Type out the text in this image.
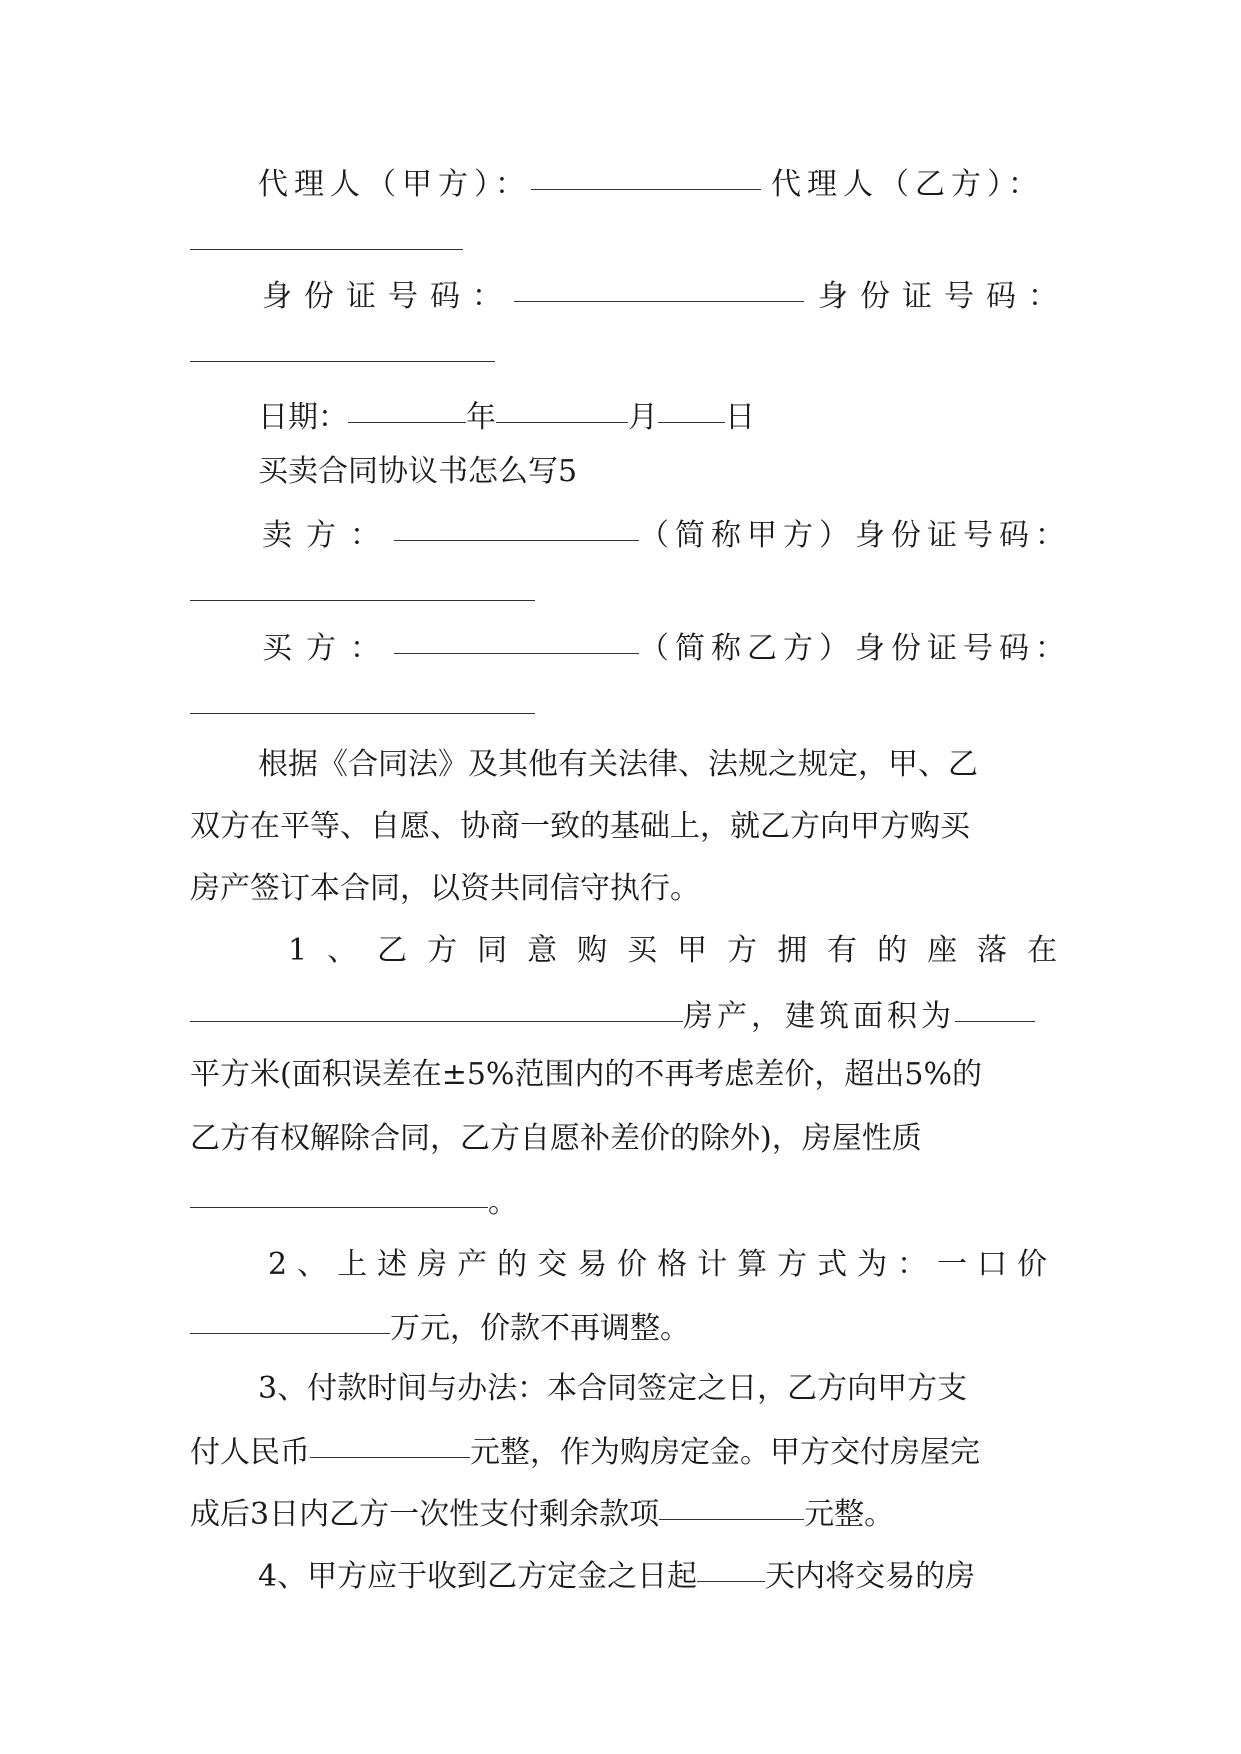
代理人（甲方）：	代理人（乙方）：
身份证号码：	身份证号码：
日期：	年	月 日
买卖合同协议书怎么写5
卖方：	（简称甲方）身份证号码：
买方：	（简称乙方）身份证号码：
根据《合同法》及其他有关法律、法规之规定，甲、乙
双方在平等、自愿、协商一致的基础上，就乙方向甲方购买
房产签订本合同，以资共同信守执行。
1、乙方同意购买甲方拥有的座落在
房产，建筑面积为
平方米(面积误差在±5%范围内的不再考虑差价，超出5%的
乙方有权解除合同，乙方自愿补差价的除外)，房屋性质
。
2、上述房产的交易价格计算方式为：一口价
万元，价款不再调整。
3、付款时间与办法：本合同签定之日，乙方向甲方支
付人民币	元整，作为购房定金。甲方交付房屋完
成后3日内乙方一次性支付剩余款项	元整。
4、甲方应于收到乙方定金之日起 天内将交易的房
